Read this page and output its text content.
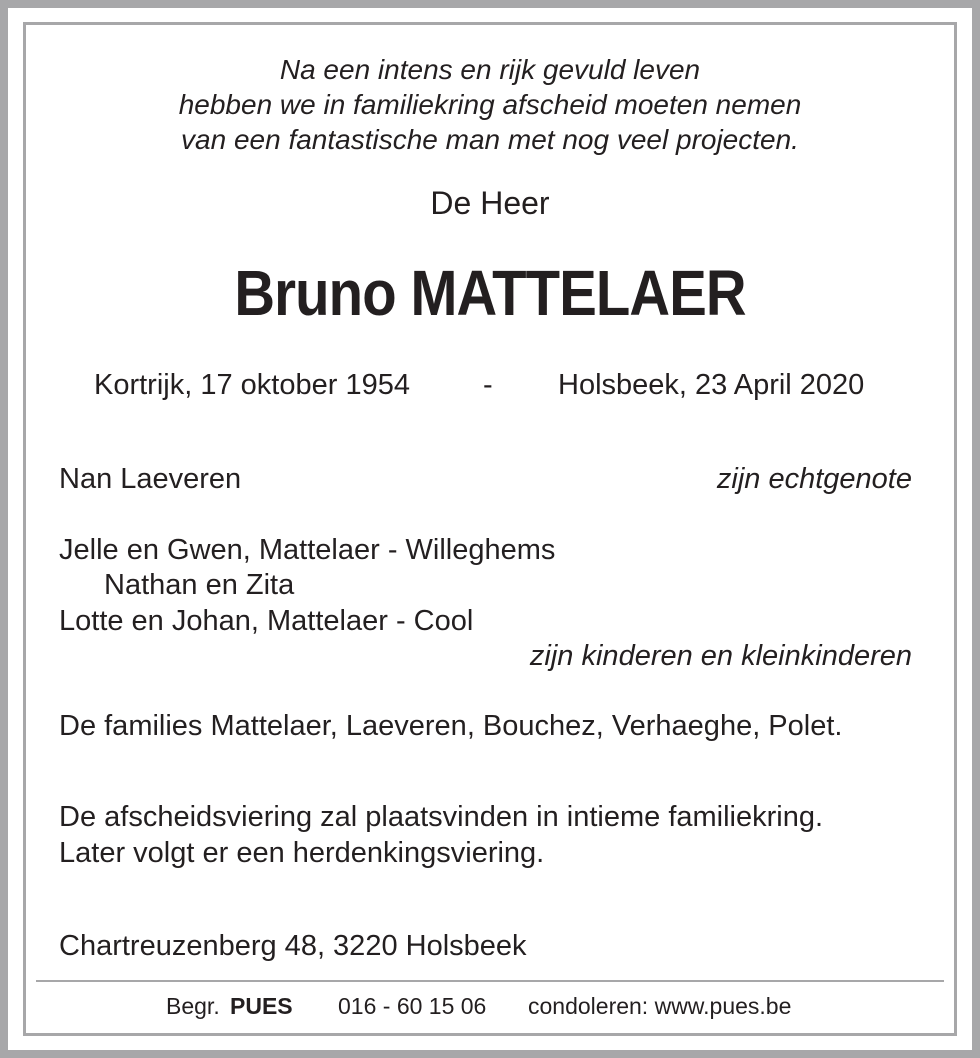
Na een intens en rijk gevuld leven
hebben we in familiekring afscheid moeten nemen
van een fantastische man met nog veel projecten.
De Heer
Bruno MATTELAER
Kortrijk, 17 oktober 1954	- Holsbeek, 23 April 2020
Nan Laeveren	zijn echtgenote
Jelle en Gwen, Mattelaer - Willeghems
Nathan en Zita
Lotte en Johan, Mattelaer - Cool
zijn kinderen en kleinkinderen
De families Mattelaer, Laeveren, Bouchez, Verhaeghe, Polet.
De afscheidsviering zal plaatsvinden in intieme familiekring.
Later volgt er een herdenkingsviering.
Chartreuzenberg 48, 3220 Holsbeek
Begr. PUES 016 - 60 15 06 condoleren: www.pues.be
